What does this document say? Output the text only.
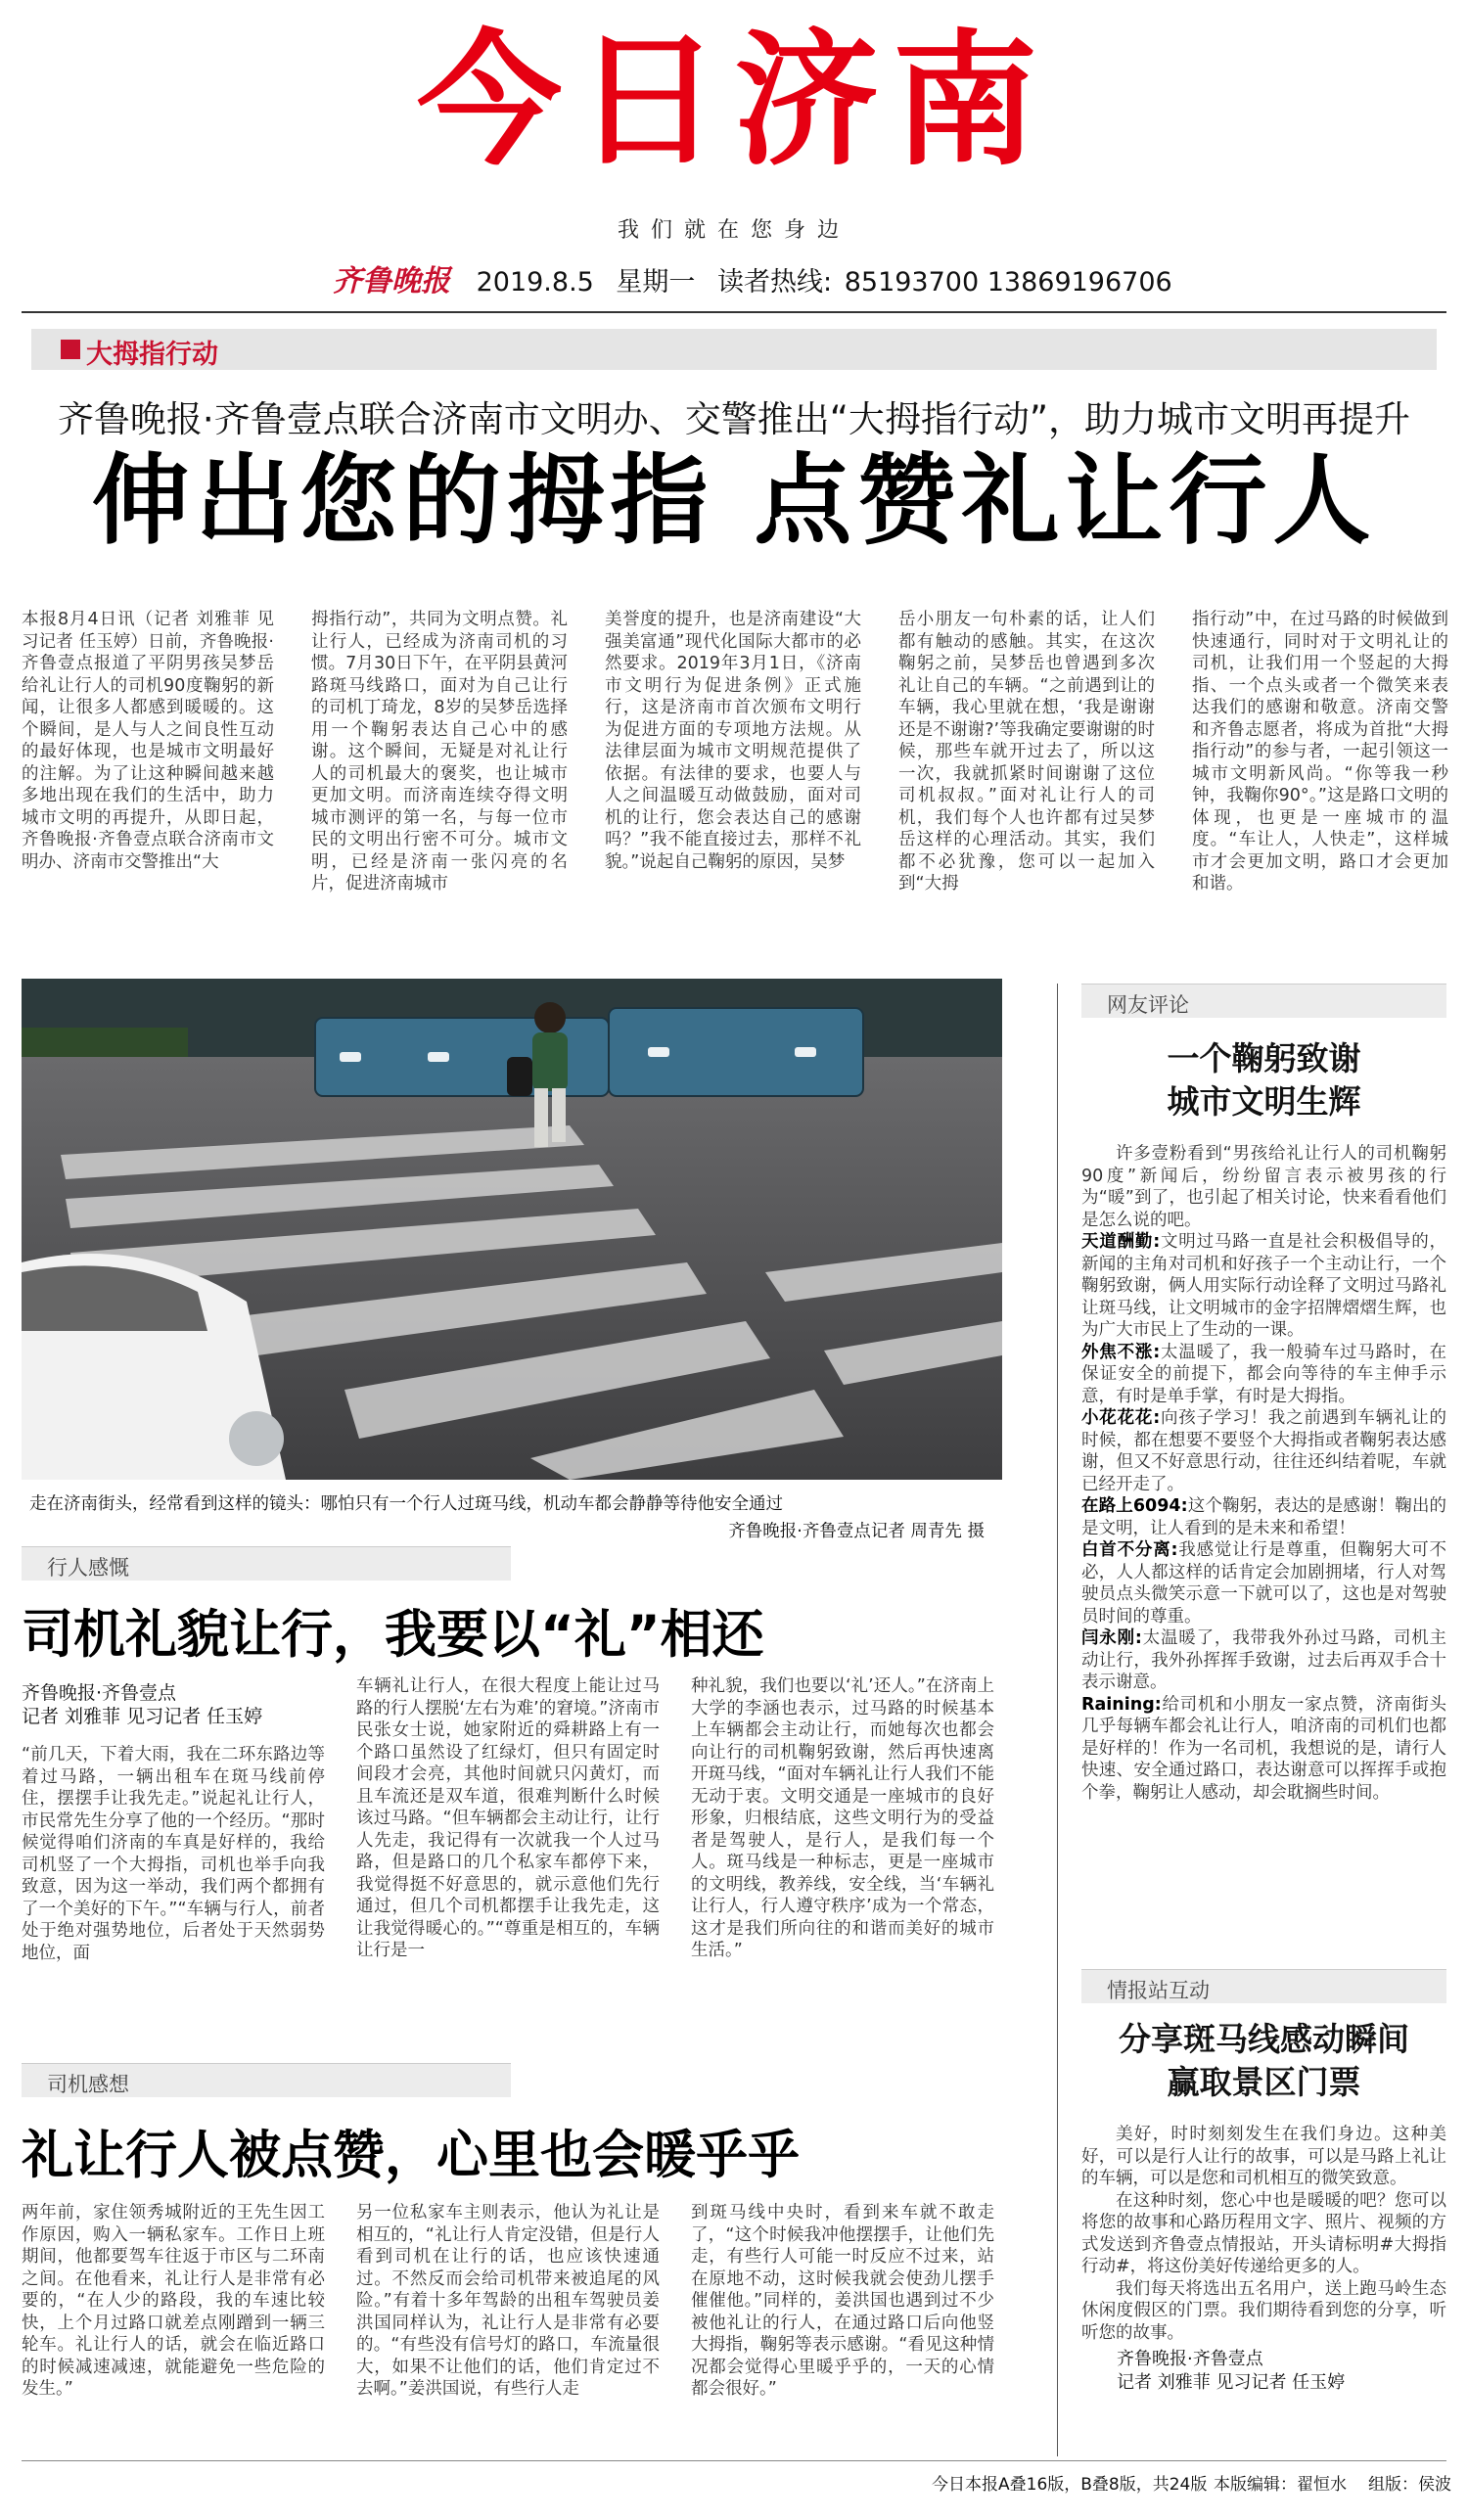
今日济南
我们就在您身边
齐鲁晚报 2019.8.5 星期一 读者热线: 85193700 13869196706
大拇指行动
齐鲁晚报·齐鲁壹点联合济南市文明办、交警推出“大拇指行动”，助力城市文明再提升
伸出您的拇指 点赞礼让行人
本报8月4日讯（记者 刘雅菲 见习记者 任玉婷）日前，齐鲁晚报·齐鲁壹点报道了平阴男孩吴梦岳给礼让行人的司机90度鞠躬的新闻，让很多人都感到暖暖的。这个瞬间，是人与人之间良性互动的最好体现，也是城市文明最好的注解。为了让这种瞬间越来越多地出现在我们的生活中，助力城市文明的再提升，从即日起，齐鲁晚报·齐鲁壹点联合济南市文明办、济南市交警推出“大
拇指行动”，共同为文明点赞。礼让行人，已经成为济南司机的习惯。7月30日下午，在平阴县黄河路斑马线路口，面对为自己让行的司机丁琦龙，8岁的吴梦岳选择用一个鞠躬表达自己心中的感谢。这个瞬间，无疑是对礼让行人的司机最大的褒奖，也让城市更加文明。而济南连续夺得文明城市测评的第一名，与每一位市民的文明出行密不可分。城市文明，已经是济南一张闪亮的名片，促进济南城市
美誉度的提升，也是济南建设“大强美富通”现代化国际大都市的必然要求。2019年3月1日，《济南市文明行为促进条例》正式施行，这是济南市首次颁布文明行为促进方面的专项地方法规。从法律层面为城市文明规范提供了依据。有法律的要求，也要人与人之间温暖互动做鼓励，面对司机的让行，您会表达自己的感谢吗？”我不能直接过去，那样不礼貌。”说起自己鞠躬的原因，吴梦
岳小朋友一句朴素的话，让人们都有触动的感触。其实，在这次鞠躬之前，吴梦岳也曾遇到多次礼让自己的车辆。“之前遇到让的车辆，我心里就在想，‘我是谢谢还是不谢谢?’等我确定要谢谢的时候，那些车就开过去了，所以这一次，我就抓紧时间谢谢了这位司机叔叔。”面对礼让行人的司机，我们每个人也许都有过吴梦岳这样的心理活动。其实，我们都不必犹豫，您可以一起加入到“大拇
指行动”中，在过马路的时候做到快速通行，同时对于文明礼让的司机，让我们用一个竖起的大拇指、一个点头或者一个微笑来表达我们的感谢和敬意。济南交警和齐鲁志愿者，将成为首批“大拇指行动”的参与者，一起引领这一城市文明新风尚。“你等我一秒钟，我鞠你90°。”这是路口文明的体现，也更是一座城市的温度。“车让人，人快走”，这样城市才会更加文明，路口才会更加和谐。
走在济南街头，经常看到这样的镜头：哪怕只有一个行人过斑马线，机动车都会静静等待他安全通过
齐鲁晚报·齐鲁壹点记者 周青先 摄
行人感慨
司机礼貌让行，我要以“礼”相还
齐鲁晚报·齐鲁壹点
记者 刘雅菲 见习记者 任玉婷
“前几天，下着大雨，我在二环东路边等着过马路，一辆出租车在斑马线前停住，摆摆手让我先走。”说起礼让行人，市民常先生分享了他的一个经历。“那时候觉得咱们济南的车真是好样的，我给司机竖了一个大拇指，司机也举手向我致意，因为这一举动，我们两个都拥有了一个美好的下午。”“车辆与行人，前者处于绝对强势地位，后者处于天然弱势地位，面
车辆礼让行人，在很大程度上能让过马路的行人摆脱‘左右为难’的窘境。”济南市民张女士说，她家附近的舜耕路上有一个路口虽然设了红绿灯，但只有固定时间段才会亮，其他时间就只闪黄灯，而且车流还是双车道，很难判断什么时候该过马路。“但车辆都会主动让行，让行人先走，我记得有一次就我一个人过马路，但是路口的几个私家车都停下来，我觉得挺不好意思的，就示意他们先行通过，但几个司机都摆手让我先走，这让我觉得暖心的。”“尊重是相互的，车辆让行是一
种礼貌，我们也要以‘礼’还人。”在济南上大学的李涵也表示，过马路的时候基本上车辆都会主动让行，而她每次也都会向让行的司机鞠躬致谢，然后再快速离开斑马线，“面对车辆礼让行人我们不能无动于衷。文明交通是一座城市的良好形象，归根结底，这些文明行为的受益者是驾驶人，是行人，是我们每一个人。斑马线是一种标志，更是一座城市的文明线，教养线，安全线，当‘车辆礼让行人，行人遵守秩序’成为一个常态，这才是我们所向往的和谐而美好的城市生活。”
司机感想
礼让行人被点赞，心里也会暖乎乎
两年前，家住领秀城附近的王先生因工作原因，购入一辆私家车。工作日上班期间，他都要驾车往返于市区与二环南之间。在他看来，礼让行人是非常有必要的，“在人少的路段，我的车速比较快，上个月过路口就差点刚蹭到一辆三轮车。礼让行人的话，就会在临近路口的时候减速减速，就能避免一些危险的发生。”
另一位私家车主则表示，他认为礼让是相互的，“礼让行人肯定没错，但是行人看到司机在让行的话，也应该快速通过。不然反而会给司机带来被追尾的风险。”有着十多年驾龄的出租车驾驶员姜洪国同样认为，礼让行人是非常有必要的。“有些没有信号灯的路口，车流量很大，如果不让他们的话，他们肯定过不去啊。”姜洪国说，有些行人走
到斑马线中央时，看到来车就不敢走了，“这个时候我冲他摆摆手，让他们先走，有些行人可能一时反应不过来，站在原地不动，这时候我就会使劲儿摆手催催他。”同样的，姜洪国也遇到过不少被他礼让的行人，在通过路口后向他竖大拇指，鞠躬等表示感谢。“看见这种情况都会觉得心里暖乎乎的，一天的心情都会很好。”
网友评论
一个鞠躬致谢
城市文明生辉
许多壹粉看到“男孩给礼让行人的司机鞠躬90度”新闻后，纷纷留言表示被男孩的行为“暖”到了，也引起了相关讨论，快来看看他们是怎么说的吧。
天道酬勤:文明过马路一直是社会积极倡导的，新闻的主角对司机和好孩子一个主动让行，一个鞠躬致谢，俩人用实际行动诠释了文明过马路礼让斑马线，让文明城市的金字招牌熠熠生辉，也为广大市民上了生动的一课。
外焦不涨:太温暖了，我一般骑车过马路时，在保证安全的前提下，都会向等待的车主伸手示意，有时是单手掌，有时是大拇指。
小花花花:向孩子学习！我之前遇到车辆礼让的时候，都在想要不要竖个大拇指或者鞠躬表达感谢，但又不好意思行动，往往还纠结着呢，车就已经开走了。
在路上6094:这个鞠躬，表达的是感谢！鞠出的是文明，让人看到的是未来和希望！
白首不分离:我感觉让行是尊重，但鞠躬大可不必，人人都这样的话肯定会加剧拥堵，行人对驾驶员点头微笑示意一下就可以了，这也是对驾驶员时间的尊重。
闫永刚:太温暖了，我带我外孙过马路，司机主动让行，我外孙挥挥手致谢，过去后再双手合十表示谢意。
Raining:给司机和小朋友一家点赞，济南街头几乎每辆车都会礼让行人，咱济南的司机们也都是好样的！作为一名司机，我想说的是，请行人快速、安全通过路口，表达谢意可以挥挥手或抱个拳，鞠躬让人感动，却会耽搁些时间。
情报站互动
分享斑马线感动瞬间
赢取景区门票
美好，时时刻刻发生在我们身边。这种美好，可以是行人让行的故事，可以是马路上礼让的车辆，可以是您和司机相互的微笑致意。
在这种时刻，您心中也是暖暖的吧？您可以将您的故事和心路历程用文字、照片、视频的方式发送到齐鲁壹点情报站，开头请标明#大拇指行动#，将这份美好传递给更多的人。
我们每天将选出五名用户，送上跑马岭生态休闲度假区的门票。我们期待看到您的分享，听听您的故事。
齐鲁晚报·齐鲁壹点
记者 刘雅菲 见习记者 任玉婷
今日本报A叠16版，B叠8版，共24版 本版编辑：翟恒水 组版：侯波
